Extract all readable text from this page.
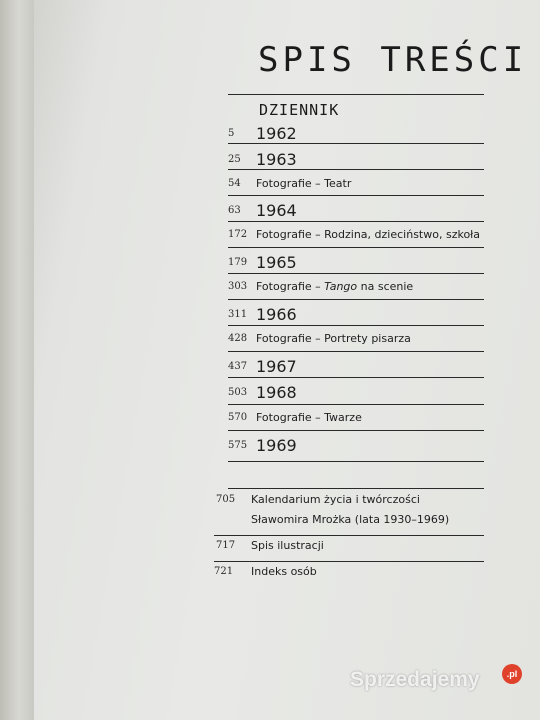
SPIS TREŚCI
DZIENNIK
5	1962
25 1963
54	Fotografie – Teatr
63 1964
172 Fotografie – Rodzina, dzieciństwo, szkoła
179 1965
303 Fotografie – Tango na scenie
311 1966
428 Fotografie – Portrety pisarza
437 1967
503 1968
570 Fotografie – Twarze
575 1969
705	Kalendarium życia i twórczości
Sławomira Mrożka (lata 1930–1969)
717	Spis ilustracji
721	Indeks osób
Sprzedajemy	.pl
